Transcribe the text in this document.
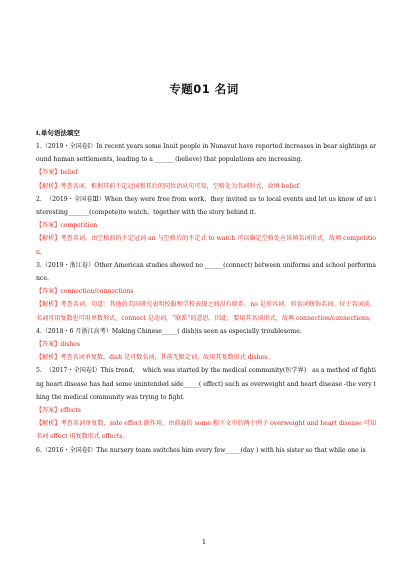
专题01 名词
I.单句语法填空

1.（2019・全国卷Ⅰ）In recent years some Inuit people in Nunavut have reported increases in bear sightings around human settlements, leading to a ______ (believe) that populations are increasing.

【答案】belief

【解析】考查名词。根据其前不定冠词和其后的同位语从句可知，空格处为名词形式，故填 belief.

2.  （2019・全国卷Ⅲ）When they were free from work，they invited us to local events and let us know of an interesting_______(compete)to watch，together with the story behind it.

【答案】competition

【解析】考查名词。由空格前的不定冠词 an 与空格后的不定式 to watch 可以确定空格处应该填名词形式，故填 competition。

3.（2019・浙江卷）Other American studies showed no ______(connect) between uniforms and school performance.

【答案】connection/connections

【解析】考查名词。句意：其他的美国研究表明校服和学校表现之间没有联系。no 是形容词，形容词修饰名词，位于名词前，名词可用复数也可用单数形式。connect 是动词，“联系”的意思，因此，要用其名词形式，故填 connection/connections。

4.（2018・6 月浙江高考）Making Chinese_____( dish)is seen as especially troublesome.

【答案】dishes

【解析】考查名词单复数，dish 是可数名词，其前无限定词，故用其复数形式 dishes。

5.  （2017・全国卷Ⅰ）This trend，  which was started by the medical community(医学界)   as a method of fighting heart disease has had some unintended side_____( effect) such as overweight and heart disease -the very thing the medical community was trying to fight.

【答案】effects

【解析】考查名词单复数，side effect 副作用，由前面的 some 和下文中的两个例子 overweight and heart disease 可知名词 effect 用复数形式 effects。

6.（2016・全国卷Ⅰ）The nursery team switches him every few_____(day ) with his sister so that while one is

1
